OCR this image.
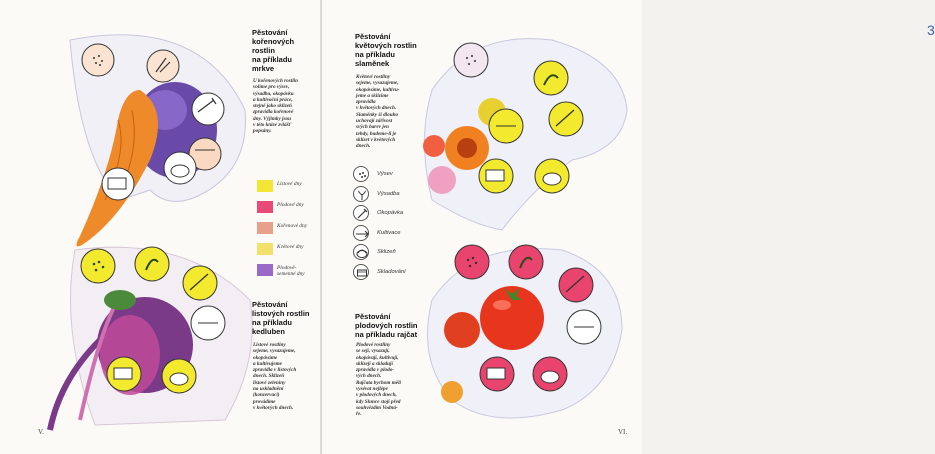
Pěstování
kořenových
rostlin
na příkladu
mrkve
U kořenových rostlin
volíme pro výsev,
výsadbu, okopávku
a kultivační práce,
stejně jako sklizeň
zpravidla kořenové
dny. Výjimky jsou
v této knize zvlášť
popsány.
Listové dny
Plodové dny
Kořenové dny
Květové dny
Plodově-
semenné dny
Pěstování
listových rostlin
na příkladu
kedluben
Listové rostliny
sejeme, vysazujeme,
okopáváme
a kultivujeme
zpravidla v listových
dnech. Sklizeň
listové zeleniny
na uskladnění
(konzervaci)
provádíme
v květových dnech.
V.
3
Pěstování
květových rostlin
na příkladu
slaměnek
Květové rostliny
sejeme, vysazujeme,
okopáváme, kultivu-
jeme a sklízíme
zpravidla
v květových dnech.
Slaměnky ší dlouho
uchovají zářivost
svých barev jen
tehdy, budeme-li je
sklízet v květových
dnech.
Pěstování
plodových rostlin
na příkladu rajčat
Plodové rostliny
se sejí, vysazují,
okopávají, kultivují,
sklízejí a skladují
zpravidla v plodo-
vých dnech.
Rajčata bychom měli
vysévat nejlépe
v plodových dnech,
kdy Slunce stojí před
souhvězdím Vodná-
ře.
VI.
Výsev
Výsadba
Okopávka
Kultivace
Sklizeň
Skladování
